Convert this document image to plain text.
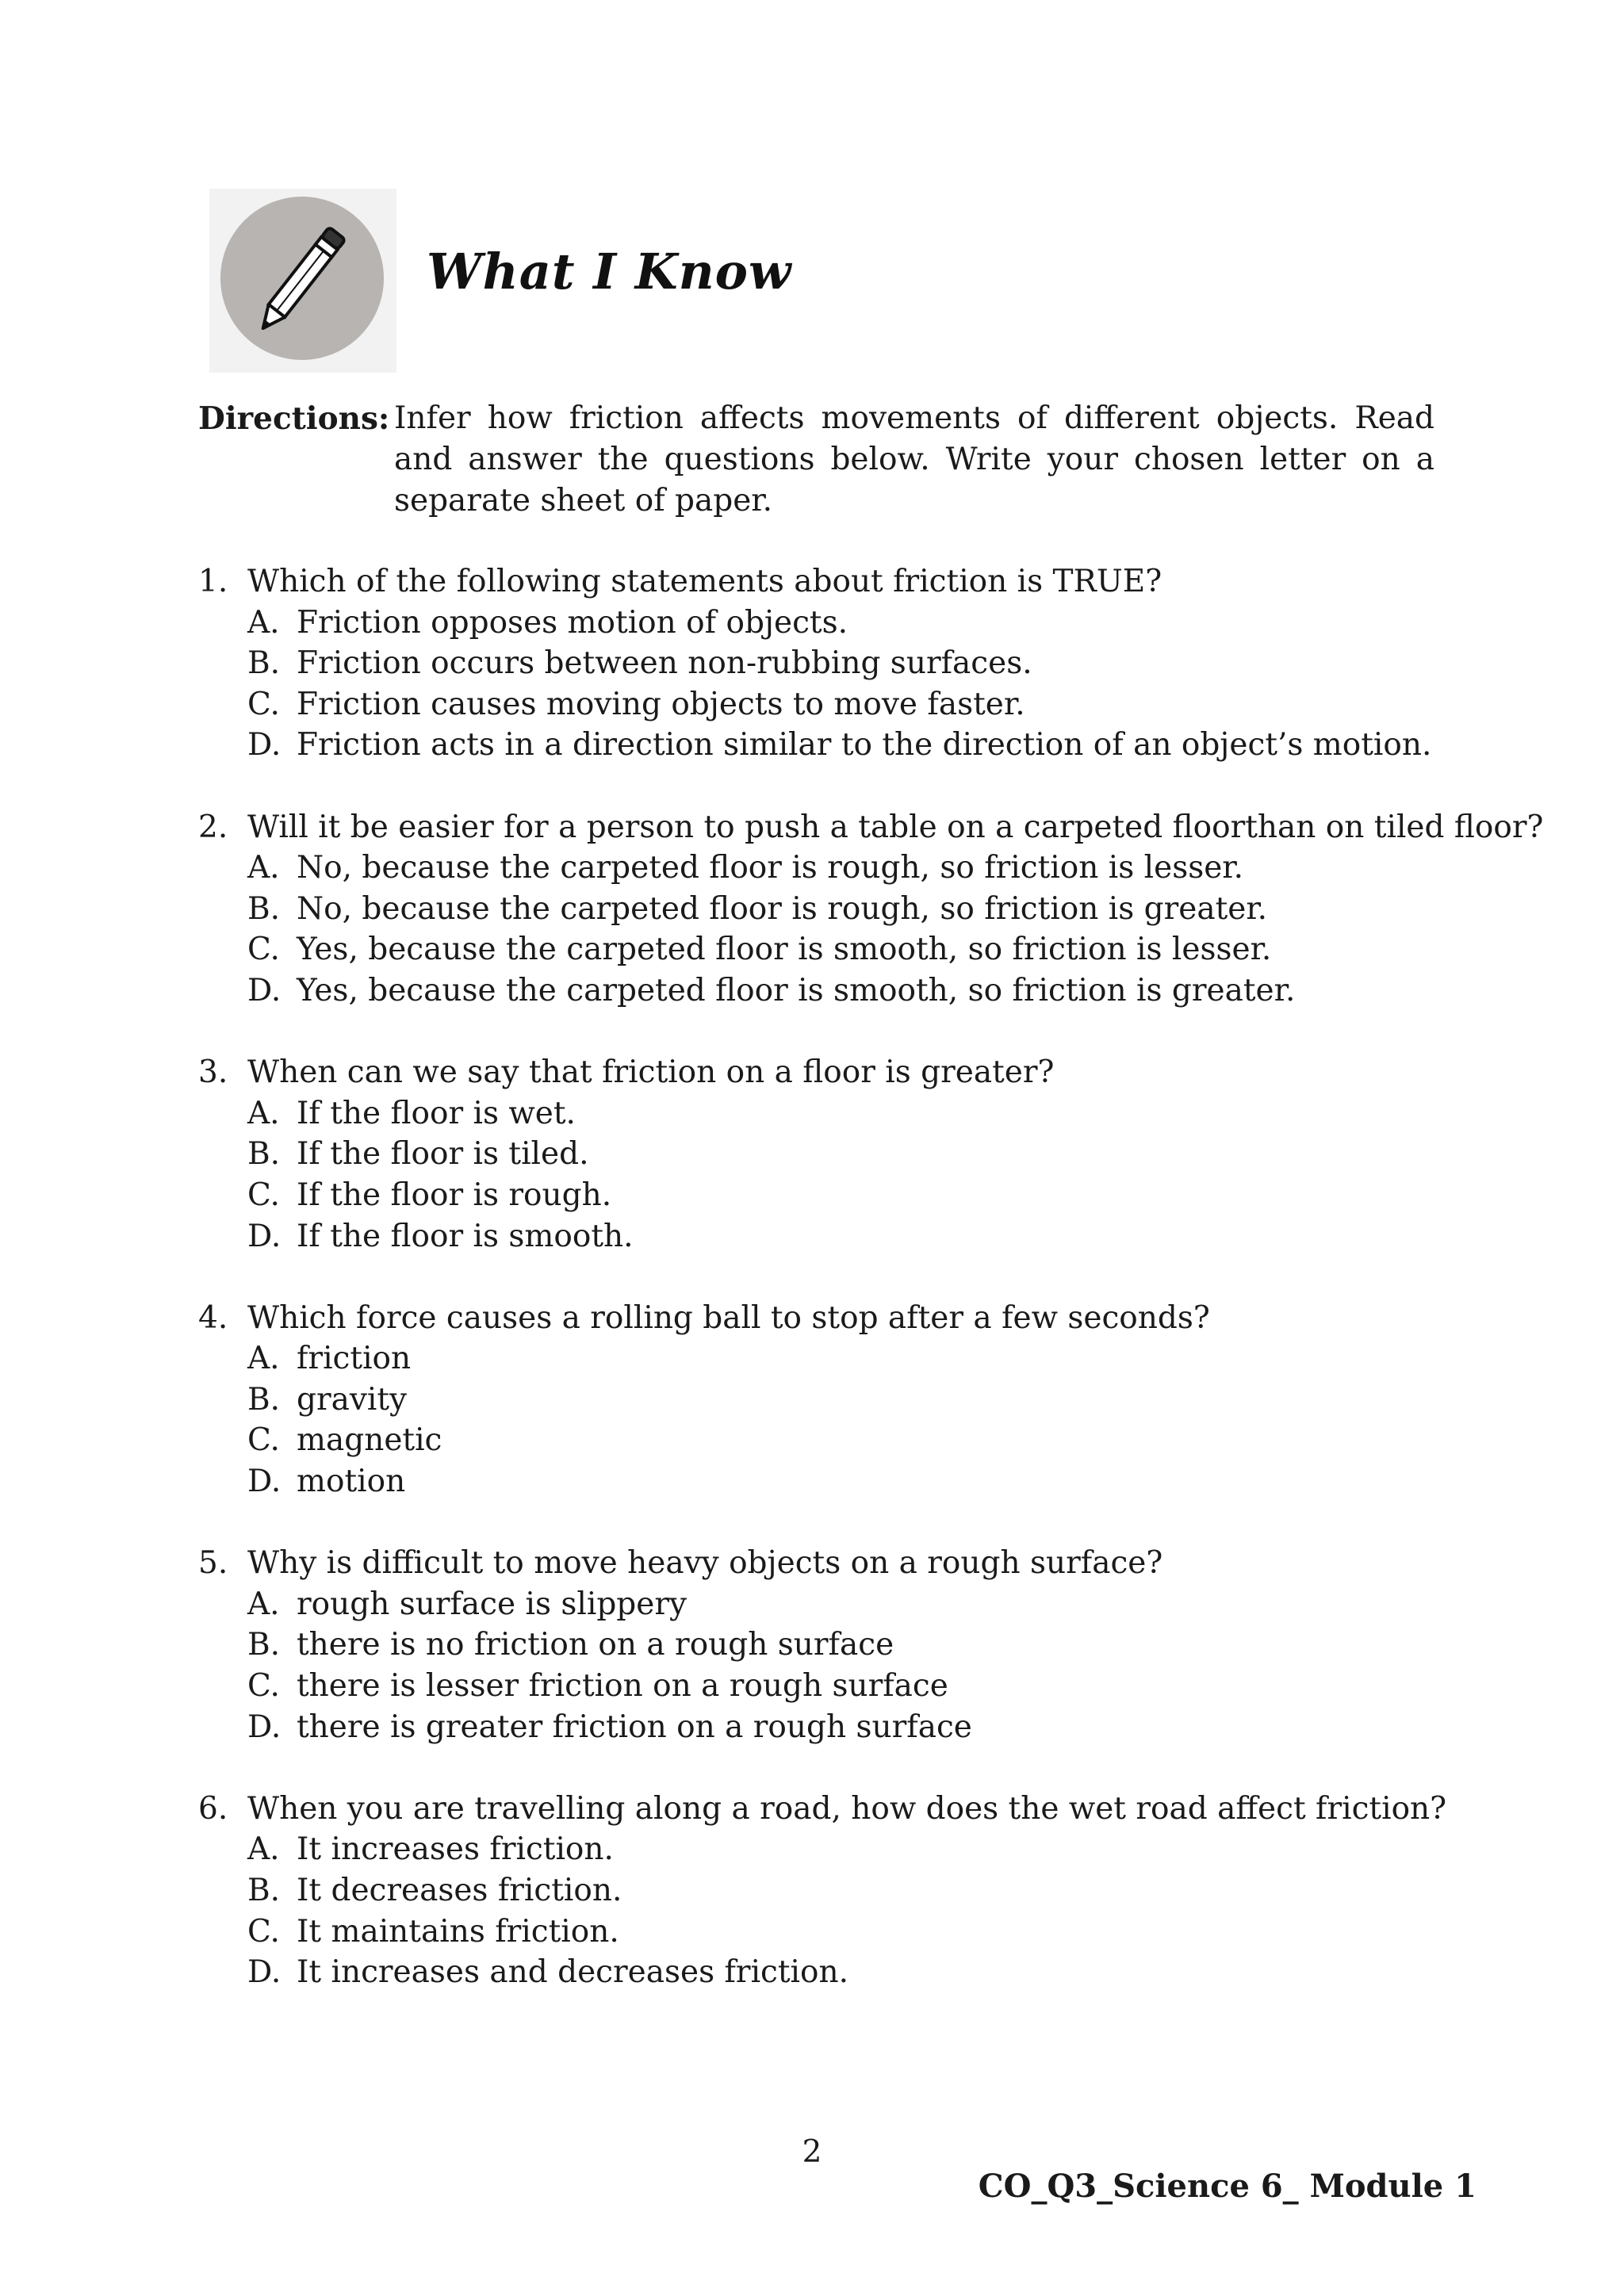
What I Know
Directions: Infer how friction affects movements of different objects. Read and answer the questions below. Write your chosen letter on a separate sheet of paper.
1. Which of the following statements about friction is TRUE?
A. Friction opposes motion of objects.
B. Friction occurs between non-rubbing surfaces.
C. Friction causes moving objects to move faster.
D. Friction acts in a direction similar to the direction of an object’s motion.
2. Will it be easier for a person to push a table on a carpeted floorthan on tiled floor?
A. No, because the carpeted floor is rough, so friction is lesser.
B. No, because the carpeted floor is rough, so friction is greater.
C. Yes, because the carpeted floor is smooth, so friction is lesser.
D. Yes, because the carpeted floor is smooth, so friction is greater.
3. When can we say that friction on a floor is greater?
A. If the floor is wet.
B. If the floor is tiled.
C. If the floor is rough.
D. If the floor is smooth.
4. Which force causes a rolling ball to stop after a few seconds?
A. friction
B. gravity
C. magnetic
D. motion
5. Why is difficult to move heavy objects on a rough surface?
A. rough surface is slippery
B. there is no friction on a rough surface
C. there is lesser friction on a rough surface
D. there is greater friction on a rough surface
6. When you are travelling along a road, how does the wet road affect friction?
A. It increases friction.
B. It decreases friction.
C. It maintains friction.
D. It increases and decreases friction.
2
CO_Q3_Science 6_ Module 1
